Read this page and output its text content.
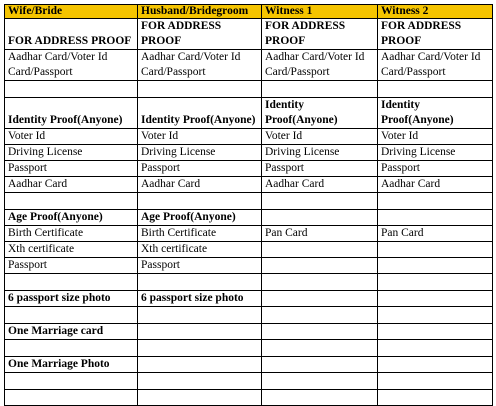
Wife/Bride	Husband/Bridegroom	Witness 1	Witness 2
FOR ADDRESS PROOF	FOR ADDRESS PROOF	FOR ADDRESS PROOF	FOR ADDRESS PROOF
Aadhar Card/Voter Id Card/Passport	Aadhar Card/Voter Id Card/Passport	Aadhar Card/Voter Id Card/Passport	Aadhar Card/Voter Id Card/Passport

Identity Proof(Anyone)	Identity Proof(Anyone)	Identity Proof(Anyone)	Identity Proof(Anyone)
Voter Id	Voter Id	Voter Id	Voter Id
Driving License	Driving License	Driving License	Driving License
Passport	Passport	Passport	Passport
Aadhar Card	Aadhar Card	Aadhar Card	Aadhar Card

Age Proof(Anyone)	Age Proof(Anyone)		
Birth Certificate	Birth Certificate	Pan Card	Pan Card
Xth certificate	Xth certificate		
Passport	Passport		

6 passport size photo	6 passport size photo		

One Marriage card			

One Marriage Photo			
